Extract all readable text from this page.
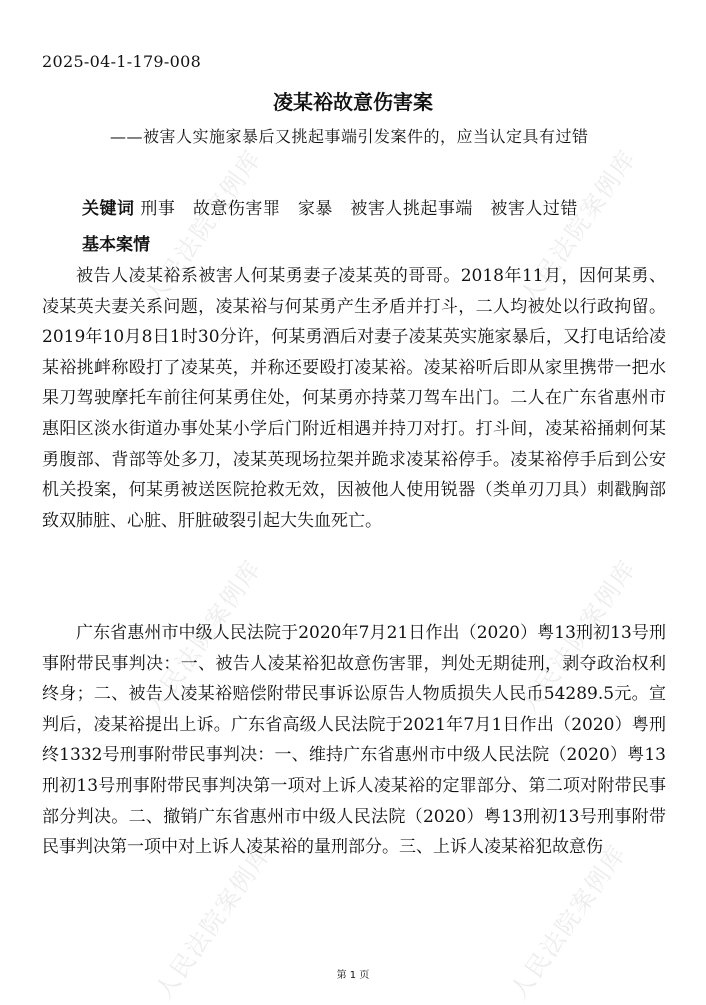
人民法院案例库	人民法院案例库
人民法院案例库	人民法院案例库
人民法院案例库	人民法院案例库
2025-04-1-179-008
凌某裕故意伤害案
——被害人实施家暴后又挑起事端引发案件的，应当认定具有过错
关键词 刑事　故意伤害罪　家暴　被害人挑起事端　被害人过错
基本案情
被告人凌某裕系被害人何某勇妻子凌某英的哥哥。2018年11月，因何某勇、凌某英夫妻关系问题，凌某裕与何某勇产生矛盾并打斗，二人均被处以行政拘留。2019年10月8日1时30分许，何某勇酒后对妻子凌某英实施家暴后，又打电话给凌某裕挑衅称殴打了凌某英，并称还要殴打凌某裕。凌某裕听后即从家里携带一把水果刀驾驶摩托车前往何某勇住处，何某勇亦持菜刀驾车出门。二人在广东省惠州市惠阳区淡水街道办事处某小学后门附近相遇并持刀对打。打斗间，凌某裕捅刺何某勇腹部、背部等处多刀，凌某英现场拉架并跪求凌某裕停手。凌某裕停手后到公安机关投案，何某勇被送医院抢救无效，因被他人使用锐器（类单刃刀具）刺戳胸部致双肺脏、心脏、肝脏破裂引起大失血死亡。
广东省惠州市中级人民法院于2020年7月21日作出（2020）粤13刑初13号刑事附带民事判决：一、被告人凌某裕犯故意伤害罪，判处无期徒刑，剥夺政治权利终身；二、被告人凌某裕赔偿附带民事诉讼原告人物质损失人民币54289.5元。宣判后，凌某裕提出上诉。广东省高级人民法院于2021年7月1日作出（2020）粤刑终1332号刑事附带民事判决：一、维持广东省惠州市中级人民法院（2020）粤13刑初13号刑事附带民事判决第一项对上诉人凌某裕的定罪部分、第二项对附带民事部分判决。二、撤销广东省惠州市中级人民法院（2020）粤13刑初13号刑事附带民事判决第一项中对上诉人凌某裕的量刑部分。三、上诉人凌某裕犯故意伤
第 1 页
